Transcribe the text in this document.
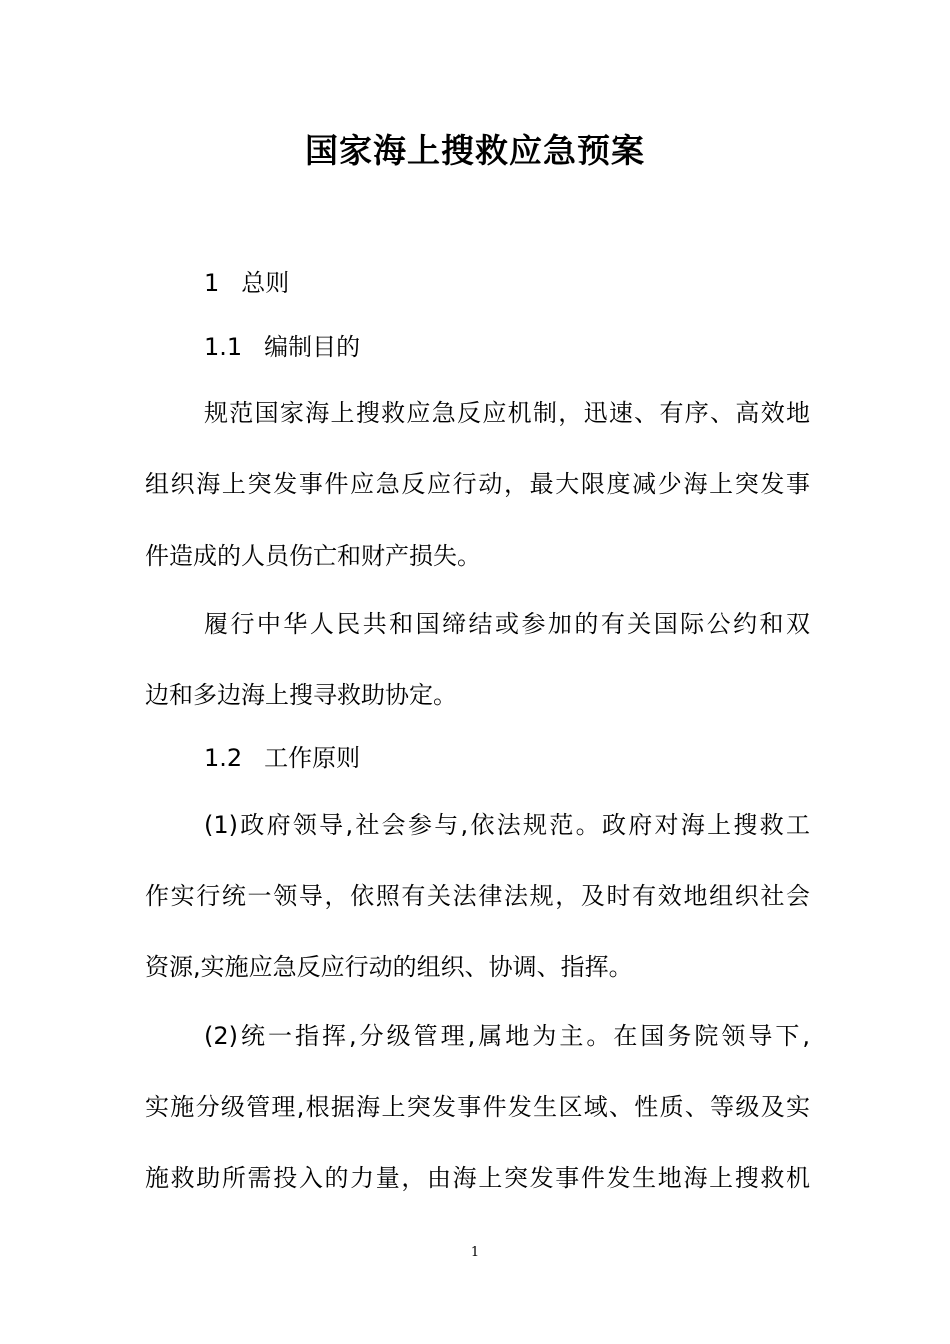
国家海上搜救应急预案
1 总则
1.1 编制目的
规范国家海上搜救应急反应机制，迅速、有序、高效地
组织海上突发事件应急反应行动，最大限度减少海上突发事
件造成的人员伤亡和财产损失。
履行中华人民共和国缔结或参加的有关国际公约和双
边和多边海上搜寻救助协定。
1.2 工作原则
(1)政府领导,社会参与,依法规范。政府对海上搜救工
作实行统一领导，依照有关法律法规，及时有效地组织社会
资源,实施应急反应行动的组织、协调、指挥。
(2)统一指挥,分级管理,属地为主。在国务院领导下,
实施分级管理,根据海上突发事件发生区域、性质、等级及实
施救助所需投入的力量，由海上突发事件发生地海上搜救机
1
